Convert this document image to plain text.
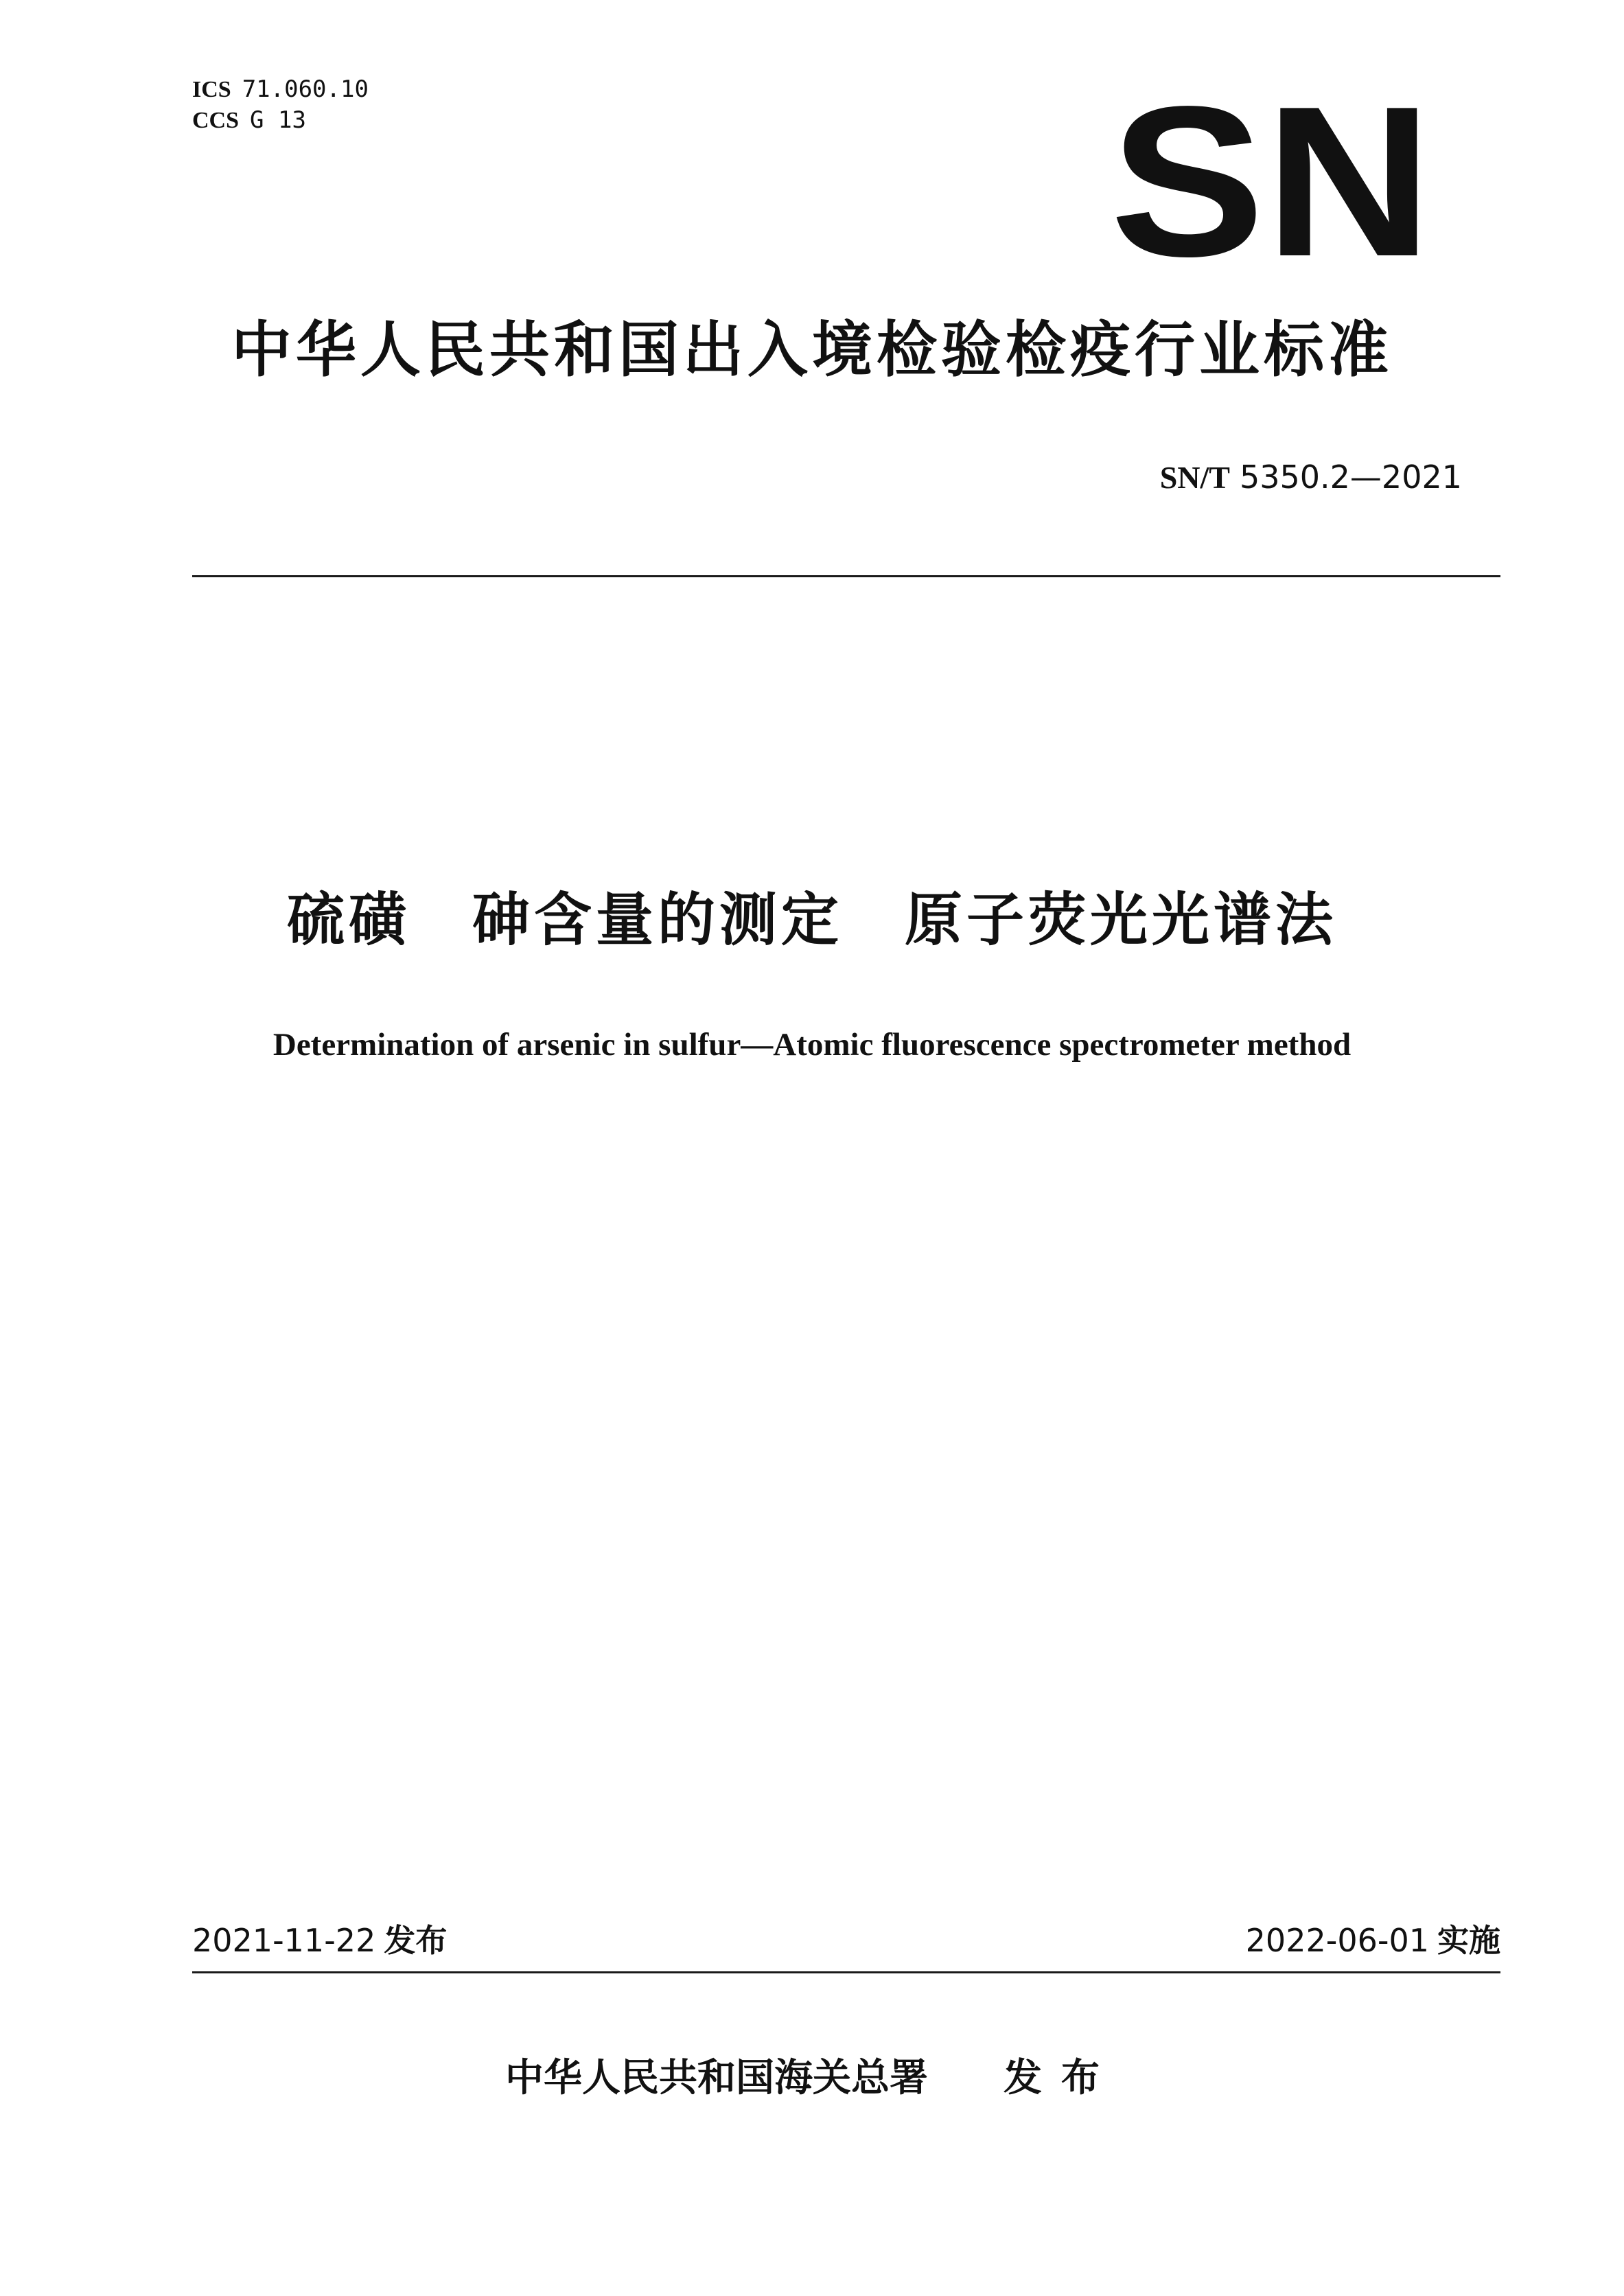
ICS 71.060.10
CCS G 13	SN
中华人民共和国出入境检验检疫行业标准
SN/T 5350.2—2021
硫磺　砷含量的测定　原子荧光光谱法
Determination of arsenic in sulfur—Atomic fluorescence spectrometer method
2021-11-22 发布	2022-06-01 实施
中华人民共和国海关总署 发布
